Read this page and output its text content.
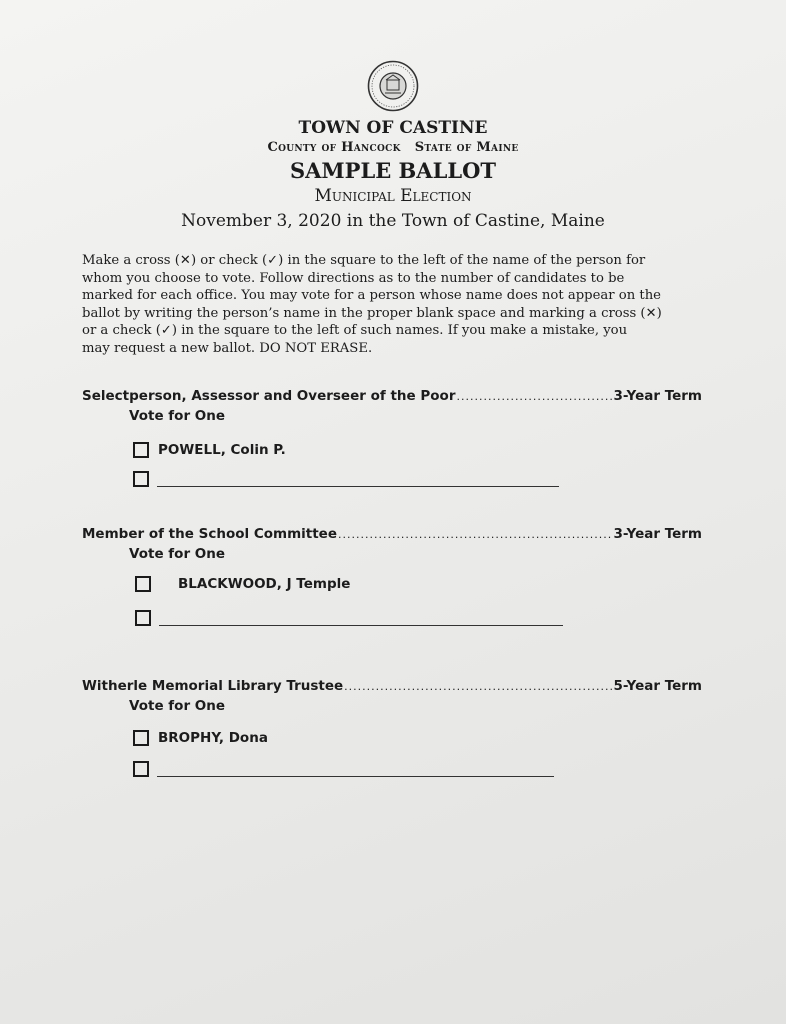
TOWN OF CASTINE
County of Hancock State of Maine
SAMPLE BALLOT
Municipal Election
November 3, 2020 in the Town of Castine, Maine
Make a cross (✕) or check (✓) in the square to the left of the name of the person for
whom you choose to vote. Follow directions as to the number of candidates to be
marked for each office. You may vote for a person whose name does not appear on the
ballot by writing the person’s name in the proper blank space and marking a cross (✕)
or a check (✓) in the square to the left of such names. If you make a mistake, you
may request a new ballot. DO NOT ERASE.
Selectperson, Assessor and Overseer of the Poor .....	3-Year Term
Vote for One
POWELL, Colin P.
Member of the School Committee .....	3-Year Term
Vote for One
BLACKWOOD, J Temple
Witherle Memorial Library Trustee .....	5-Year Term
Vote for One
BROPHY, Dona
